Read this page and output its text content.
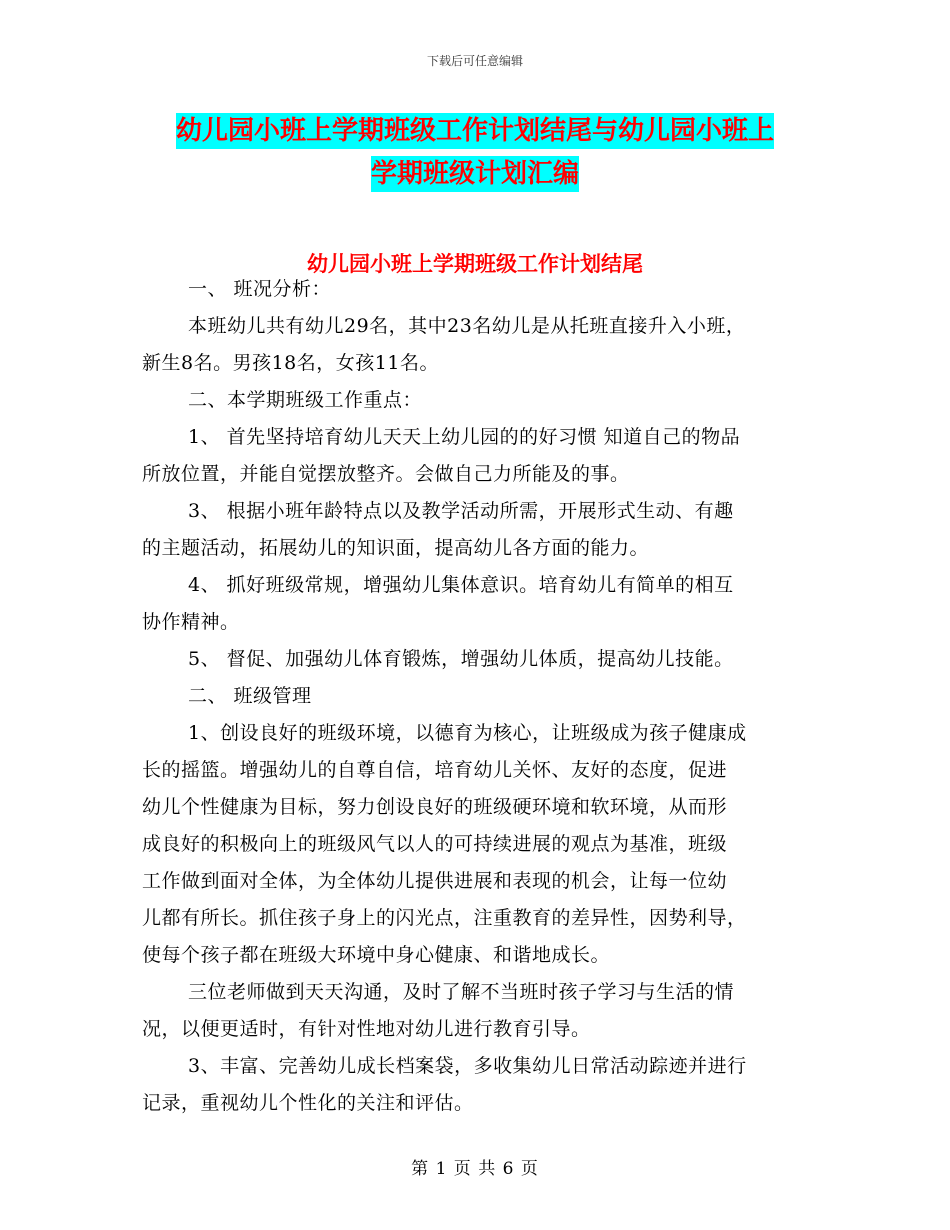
下载后可任意编辑
幼儿园小班上学期班级工作计划结尾与幼儿园小班上
学期班级计划汇编
幼儿园小班上学期班级工作计划结尾
一、 班况分析：
本班幼儿共有幼儿29名，其中23名幼儿是从托班直接升入小班，
新生8名。男孩18名，女孩11名。
二、本学期班级工作重点：
1、 首先坚持培育幼儿天天上幼儿园的的好习惯 知道自己的物品
所放位置，并能自觉摆放整齐。会做自己力所能及的事。
3、 根据小班年龄特点以及教学活动所需，开展形式生动、有趣
的主题活动，拓展幼儿的知识面，提高幼儿各方面的能力。
4、 抓好班级常规，增强幼儿集体意识。培育幼儿有简单的相互
协作精神。
5、 督促、加强幼儿体育锻炼，增强幼儿体质，提高幼儿技能。
二、 班级管理
1、创设良好的班级环境，以德育为核心，让班级成为孩子健康成
长的摇篮。增强幼儿的自尊自信，培育幼儿关怀、友好的态度，促进
幼儿个性健康为目标，努力创设良好的班级硬环境和软环境，从而形
成良好的积极向上的班级风气以人的可持续进展的观点为基准，班级
工作做到面对全体，为全体幼儿提供进展和表现的机会，让每一位幼
儿都有所长。抓住孩子身上的闪光点，注重教育的差异性，因势利导，
使每个孩子都在班级大环境中身心健康、和谐地成长。
三位老师做到天天沟通，及时了解不当班时孩子学习与生活的情
况，以便更适时，有针对性地对幼儿进行教育引导。
3、丰富、完善幼儿成长档案袋，多收集幼儿日常活动踪迹并进行
记录，重视幼儿个性化的关注和评估。
第 1 页 共 6 页
